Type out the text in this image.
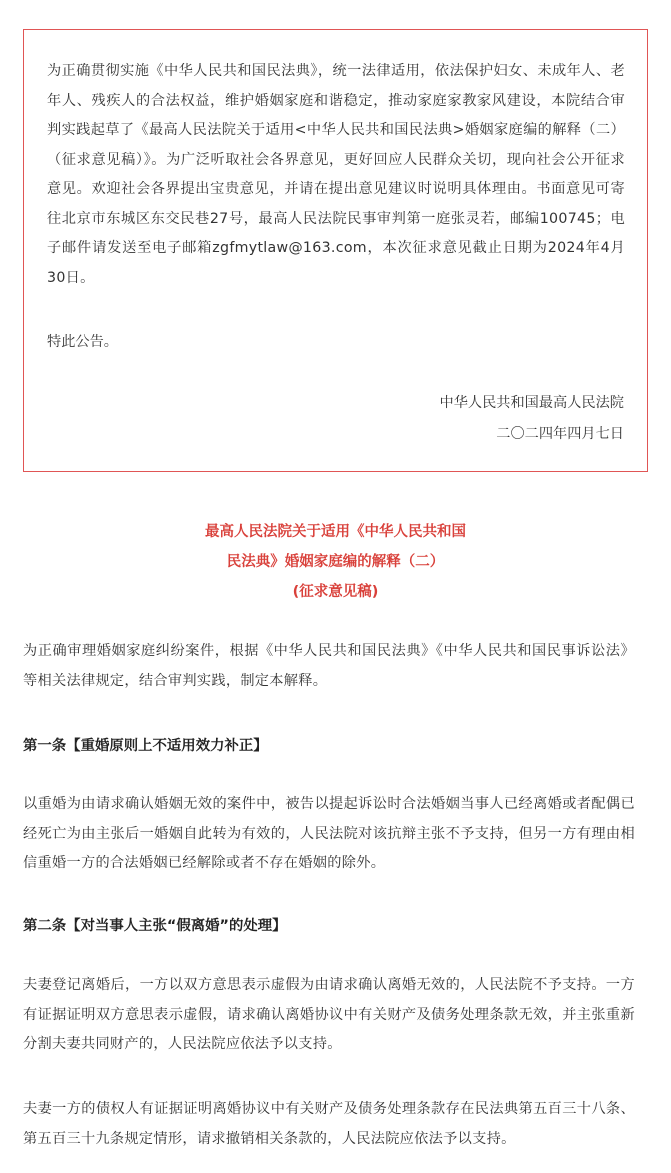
为正确贯彻实施《中华人民共和国民法典》，统一法律适用，依法保护妇女、未成年人、老年人、残疾人的合法权益，维护婚姻家庭和谐稳定，推动家庭家教家风建设，本院结合审判实践起草了《最高人民法院关于适用<中华人民共和国民法典>婚姻家庭编的解释（二）（征求意见稿）》。为广泛听取社会各界意见，更好回应人民群众关切，现向社会公开征求意见。欢迎社会各界提出宝贵意见，并请在提出意见建议时说明具体理由。书面意见可寄往北京市东城区东交民巷27号，最高人民法院民事审判第一庭张灵若，邮编100745；电子邮件请发送至电子邮箱zgfmytlaw@163.com，本次征求意见截止日期为2024年4月30日。

特此公告。

中华人民共和国最高人民法院

二〇二四年四月七日

最高人民法院关于适用《中华人民共和国
民法典》婚姻家庭编的解释（二）
(征求意见稿)

为正确审理婚姻家庭纠纷案件，根据《中华人民共和国民法典》《中华人民共和国民事诉讼法》等相关法律规定，结合审判实践，制定本解释。

第一条【重婚原则上不适用效力补正】

以重婚为由请求确认婚姻无效的案件中，被告以提起诉讼时合法婚姻当事人已经离婚或者配偶已经死亡为由主张后一婚姻自此转为有效的，人民法院对该抗辩主张不予支持，但另一方有理由相信重婚一方的合法婚姻已经解除或者不存在婚姻的除外。

第二条【对当事人主张“假离婚”的处理】

夫妻登记离婚后，一方以双方意思表示虚假为由请求确认离婚无效的，人民法院不予支持。一方有证据证明双方意思表示虚假，请求确认离婚协议中有关财产及债务处理条款无效，并主张重新分割夫妻共同财产的，人民法院应依法予以支持。

夫妻一方的债权人有证据证明离婚协议中有关财产及债务处理条款存在民法典第五百三十八条、第五百三十九条规定情形，请求撤销相关条款的，人民法院应依法予以支持。
